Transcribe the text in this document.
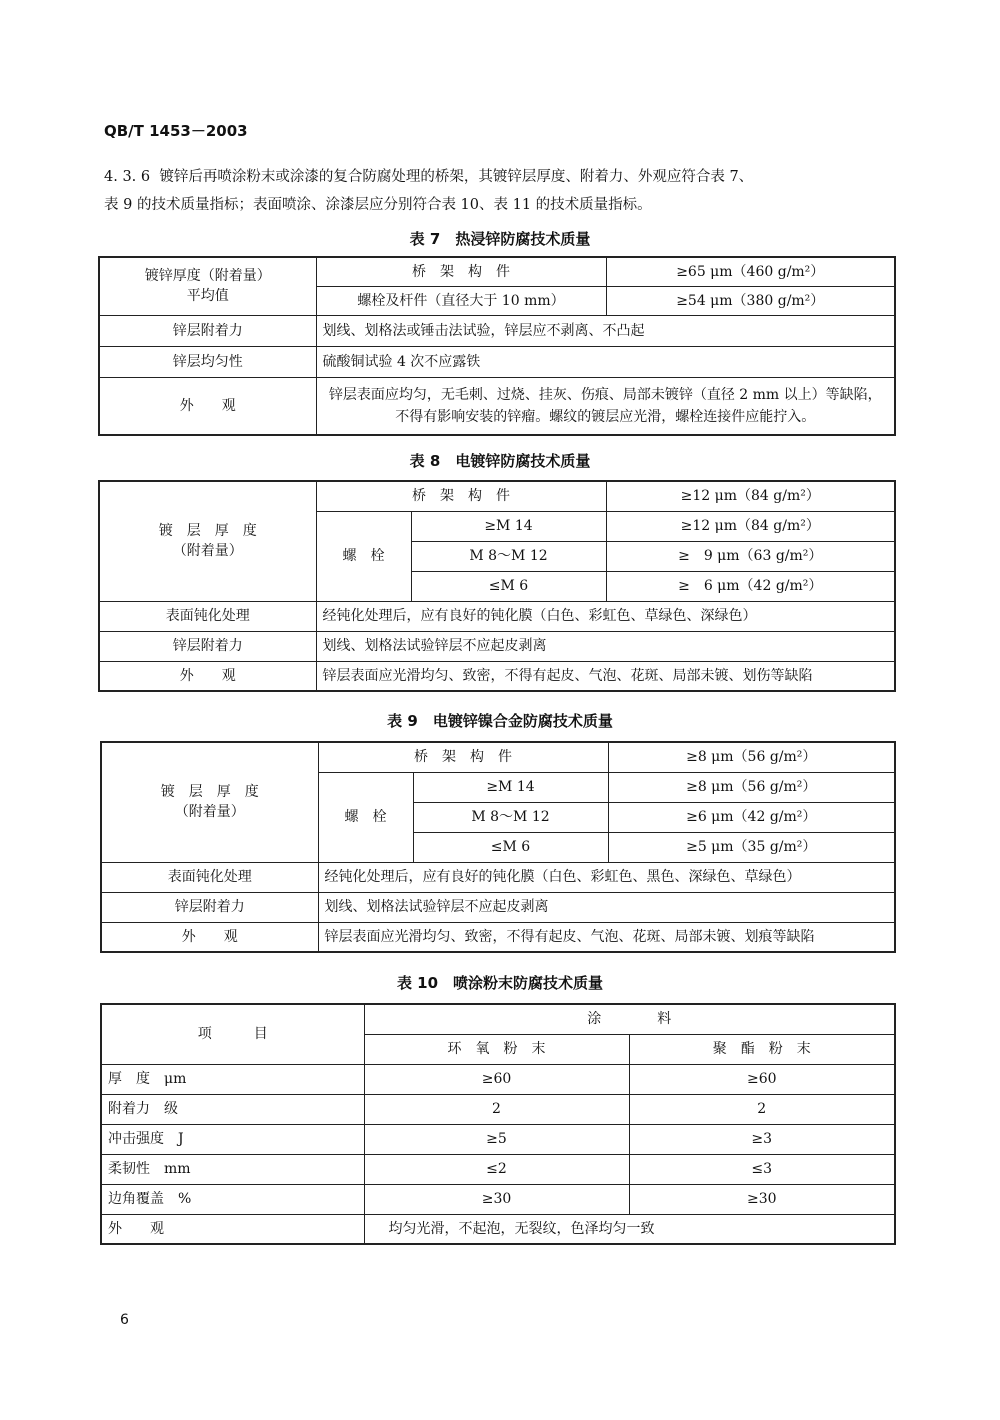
QB/T 1453－2003
4. 3. 6 镀锌后再喷涂粉末或涂漆的复合防腐处理的桥架，其镀锌层厚度、附着力、外观应符合表 7、
表 9 的技术质量指标；表面喷涂、涂漆层应分别符合表 10、表 11 的技术质量指标。
表 7　热浸锌防腐技术质量
镀锌厚度（附着量）
平均值	桥　架　构　件	≥65 μm（460 g/m²）
	螺栓及杆件（直径大于 10 mm）	≥54 μm（380 g/m²）
锌层附着力	划线、划格法或锤击法试验，锌层应不剥离、不凸起	
锌层均匀性	硫酸铜试验 4 次不应露铁	
外　　观	锌层表面应均匀，无毛刺、过烧、挂灰、伤痕、局部未镀锌（直径 2 mm 以上）等缺陷，不得有影响安装的锌瘤。螺纹的镀层应光滑，螺栓连接件应能拧入。	
表 8　电镀锌防腐技术质量
镀　层　厚　度
（附着量）	桥　架　构　件		≥12 μm（84 g/m²）
	螺　栓	≥M 14	≥12 μm（84 g/m²）
		M 8～M 12	≥　9 μm（63 g/m²）
		≤M 6	≥　6 μm（42 g/m²）
表面钝化处理	经钝化处理后，应有良好的钝化膜（白色、彩虹色、草绿色、深绿色）		
锌层附着力	划线、划格法试验锌层不应起皮剥离		
外　　观	锌层表面应光滑均匀、致密，不得有起皮、气泡、花斑、局部未镀、划伤等缺陷		
表 9　电镀锌镍合金防腐技术质量
镀　层　厚　度
（附着量）	桥　架　构　件		≥8 μm（56 g/m²）
	螺　栓	≥M 14	≥8 μm（56 g/m²）
		M 8～M 12	≥6 μm（42 g/m²）
		≤M 6	≥5 μm（35 g/m²）
表面钝化处理	经钝化处理后，应有良好的钝化膜（白色、彩虹色、黑色、深绿色、草绿色）		
锌层附着力	划线、划格法试验锌层不应起皮剥离		
外　　观	锌层表面应光滑均匀、致密，不得有起皮、气泡、花斑、局部未镀、划痕等缺陷		
表 10　喷涂粉末防腐技术质量
项　　　目	涂　　　　料	
	环　氧　粉　末	聚　酯　粉　末
厚　度　μm	≥60	≥60
附着力　级	2	2
冲击强度　J	≥5	≥3
柔韧性　mm	≤2	≤3
边角覆盖　%	≥30	≥30
外　　观	均匀光滑，不起泡，无裂纹，色泽均匀一致	
6
